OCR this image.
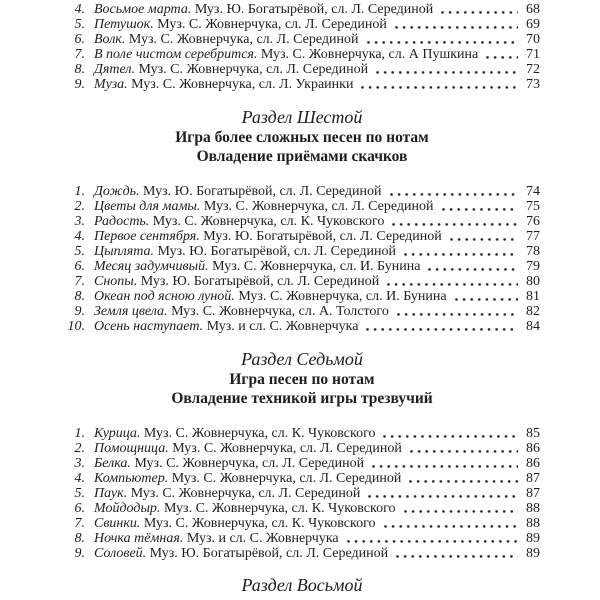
4. Восьмое марта. Муз. Ю. Богатырёвой, сл. Л. Серединой	68
5. Петушок. Муз. С. Жовнерчука, сл. Л. Серединой	69
6. Волк. Муз. С. Жовнерчука, сл. Л. Серединой	70
7. В поле чистом серебрится. Муз. С. Жовнерчука, сл. А Пушкина	71
8. Дятел. Муз. С. Жовнерчука, сл. Л. Серединой	72
9. Муза. Муз. С. Жовнерчука, сл. Л. Украинки	73
Раздел Шестой
Игра более сложных песен по нотам
Овладение приёмами скачков
1. Дождь. Муз. Ю. Богатырёвой, сл. Л. Серединой	74
2. Цветы для мамы. Муз. С. Жовнерчука, сл. Л. Серединой	75
3. Радость. Муз. С. Жовнерчука, сл. К. Чуковского	76
4. Первое сентября. Муз. Ю. Богатырёвой, сл. Л. Серединой	77
5. Цыплята. Муз. Ю. Богатырёвой, сл. Л. Серединой	78
6. Месяц задумчивый. Муз. С. Жовнерчука, сл. И. Бунина	79
7. Снопы. Муз. Ю. Богатырёвой, сл. Л. Серединой	80
8. Океан под ясною луной. Муз. С. Жовнерчука, сл. И. Бунина	81
9. Земля цвела. Муз. С. Жовнерчука, сл. А. Толстого	82
10. Осень наступает. Муз. и сл. С. Жовнерчука	84
Раздел Седьмой
Игра песен по нотам
Овладение техникой игры трезвучий
1. Курица. Муз. С. Жовнерчука, сл. К. Чуковского	85
2. Помощница. Муз. С. Жовнерчука, сл. Л. Серединой	86
3. Белка. Муз. С. Жовнерчука, сл. Л. Серединой	86
4. Компьютер. Муз. С. Жовнерчука, сл. Л. Серединой	87
5. Паук. Муз. С. Жовнерчука, сл. Л. Серединой	87
6. Мойдодыр. Муз. С. Жовнерчука, сл. К. Чуковского	88
7. Свинки. Муз. С. Жовнерчука, сл. К. Чуковского	88
8. Ночка тёмная. Муз. и сл. С. Жовнерчука	89
9. Соловей. Муз. Ю. Богатырёвой, сл. Л. Серединой	89
Раздел Восьмой
